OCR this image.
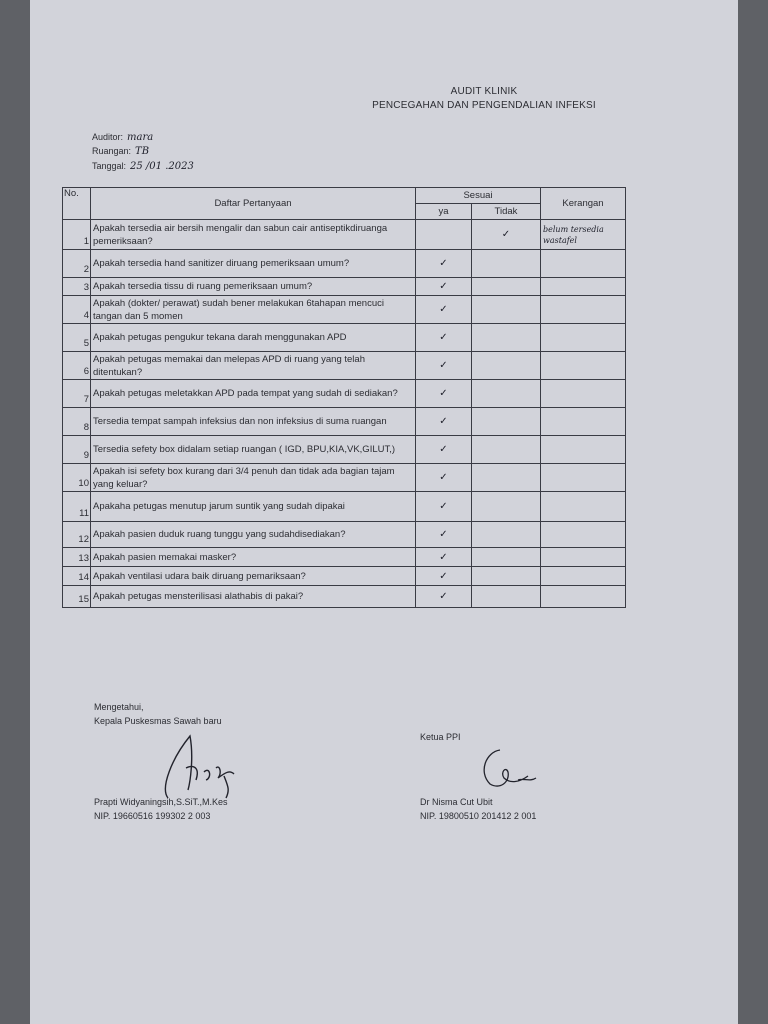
AUDIT KLINIK
PENCEGAHAN DAN PENGENDALIAN INFEKSI
Auditor: mara
Ruangan: TB
Tanggal: 25 /01 .2023
No.	Daftar Pertanyaan	Sesuai		Kerangan
		ya	Tidak	
1	Apakah tersedia air bersih mengalir dan sabun cair antiseptikdiruanga pemeriksaan?		✓	belum tersedia wastafel
2	Apakah tersedia hand sanitizer diruang pemeriksaan umum?	✓		
3	Apakah tersedia tissu di ruang pemeriksaan umum?	✓		
4	Apakah (dokter/ perawat) sudah bener melakukan 6tahapan mencuci tangan dan 5 momen	✓		
5	Apakah petugas pengukur tekana darah menggunakan APD	✓		
6	Apakah petugas memakai dan melepas APD di ruang yang telah ditentukan?	✓		
7	Apakah petugas meletakkan APD pada tempat yang sudah di sediakan?	✓		
8	Tersedia tempat sampah infeksius dan non infeksius di suma ruangan	✓		
9	Tersedia sefety box didalam setiap ruangan ( IGD, BPU,KIA,VK,GILUT,)	✓		
10	Apakah isi sefety box kurang dari 3/4 penuh dan tidak ada bagian tajam yang keluar?	✓		
11	Apakaha petugas menutup jarum suntik yang sudah dipakai	✓		
12	Apakah pasien duduk ruang tunggu yang sudahdisediakan?	✓		
13	Apakah pasien memakai masker?	✓		
14	Apakah ventilasi udara baik diruang pemariksaan?	✓		
15	Apakah petugas mensterilisasi alathabis di pakai?	✓		
Mengetahui,
Kepala Puskesmas Sawah baru
Prapti Widyaningsih,S.SiT.,M.Kes
NIP. 19660516 199302 2 003
Ketua PPI
Dr Nisma Cut Ubit
NIP. 19800510 201412 2 001
